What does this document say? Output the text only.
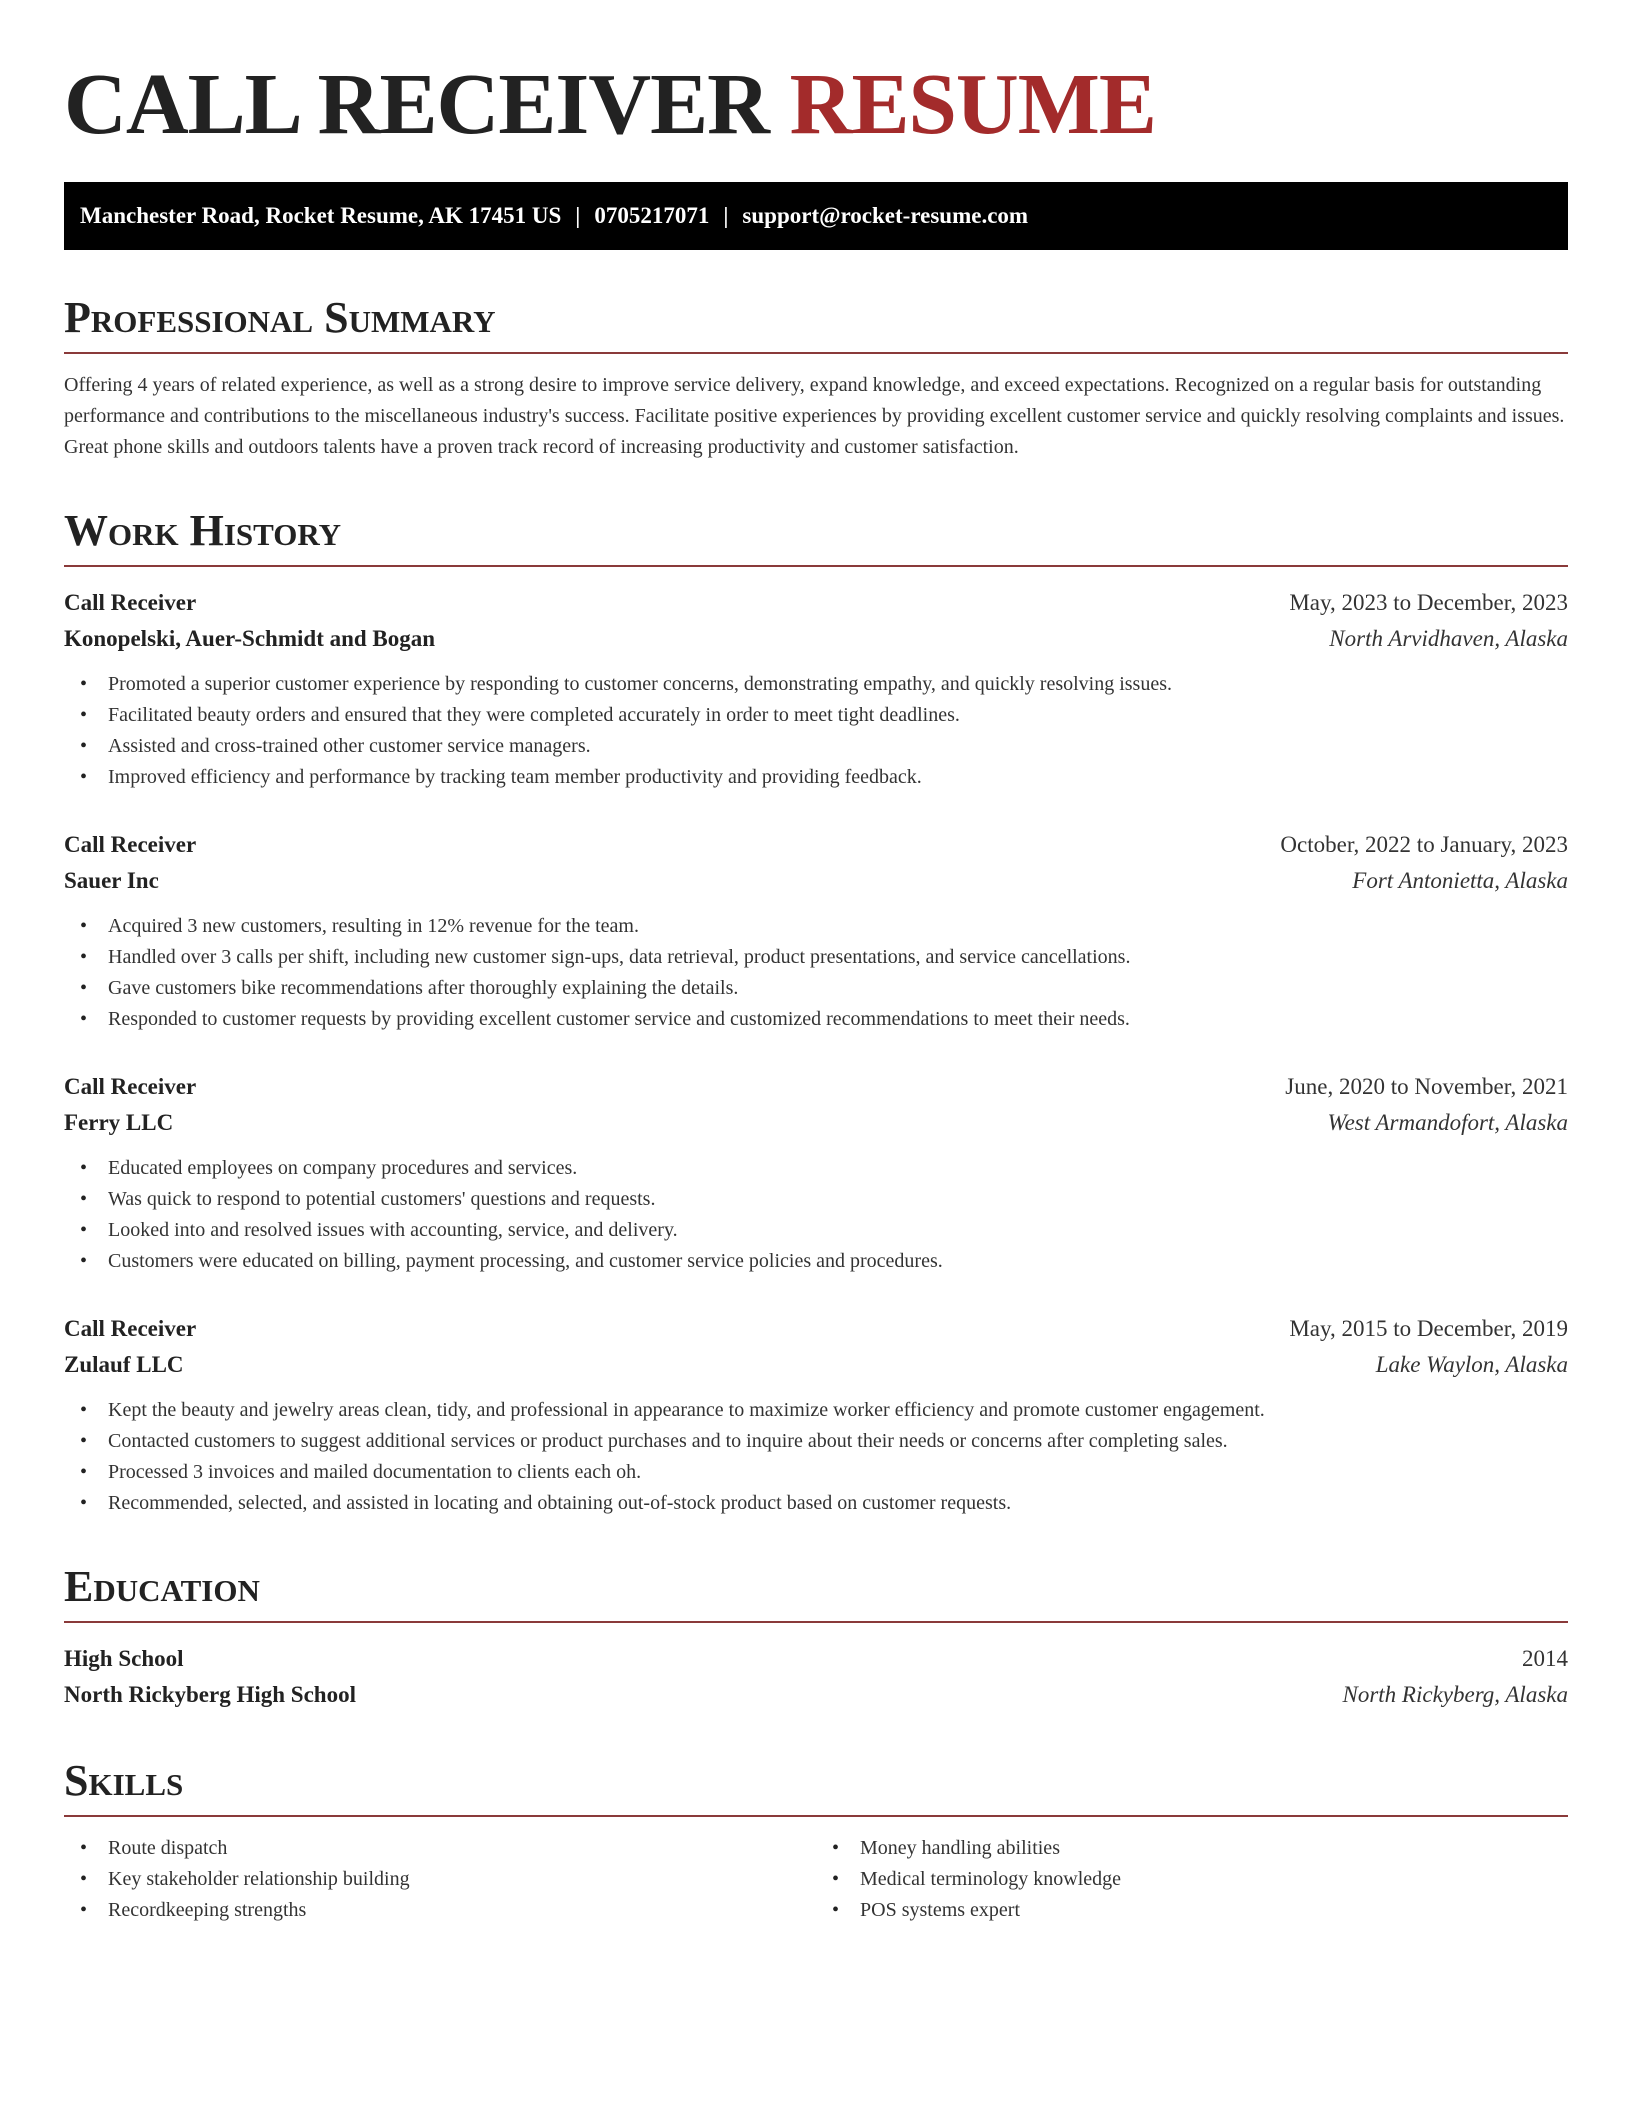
CALL RECEIVER RESUME
Manchester Road, Rocket Resume, AK 17451 US | 0705217071 | support@rocket-resume.com
Professional Summary

Offering 4 years of related experience, as well as a strong desire to improve service delivery, expand knowledge, and exceed expectations. Recognized on a regular basis for outstanding performance and contributions to the miscellaneous industry's success. Facilitate positive experiences by providing excellent customer service and quickly resolving complaints and issues. Great phone skills and outdoors talents have a proven track record of increasing productivity and customer satisfaction.

Work History
Call Receiver	May, 2023 to December, 2023
Konopelski, Auer-Schmidt and Bogan	North Arvidhaven, Alaska
• Promoted a superior customer experience by responding to customer concerns, demonstrating empathy, and quickly resolving issues.
• Facilitated beauty orders and ensured that they were completed accurately in order to meet tight deadlines.
• Assisted and cross-trained other customer service managers.
• Improved efficiency and performance by tracking team member productivity and providing feedback.
Call Receiver	October, 2022 to January, 2023
Sauer Inc	Fort Antonietta, Alaska
• Acquired 3 new customers, resulting in 12% revenue for the team.
• Handled over 3 calls per shift, including new customer sign-ups, data retrieval, product presentations, and service cancellations.
• Gave customers bike recommendations after thoroughly explaining the details.
• Responded to customer requests by providing excellent customer service and customized recommendations to meet their needs.
Call Receiver	June, 2020 to November, 2021
Ferry LLC	West Armandofort, Alaska
• Educated employees on company procedures and services.
• Was quick to respond to potential customers' questions and requests.
• Looked into and resolved issues with accounting, service, and delivery.
• Customers were educated on billing, payment processing, and customer service policies and procedures.
Call Receiver	May, 2015 to December, 2019
Zulauf LLC	Lake Waylon, Alaska
• Kept the beauty and jewelry areas clean, tidy, and professional in appearance to maximize worker efficiency and promote customer engagement.
• Contacted customers to suggest additional services or product purchases and to inquire about their needs or concerns after completing sales.
• Processed 3 invoices and mailed documentation to clients each oh.
• Recommended, selected, and assisted in locating and obtaining out-of-stock product based on customer requests.
Education
High School	2014
North Rickyberg High School	North Rickyberg, Alaska
Skills
• Route dispatch
• Key stakeholder relationship building
• Recordkeeping strengths
• Money handling abilities
• Medical terminology knowledge
• POS systems expert
